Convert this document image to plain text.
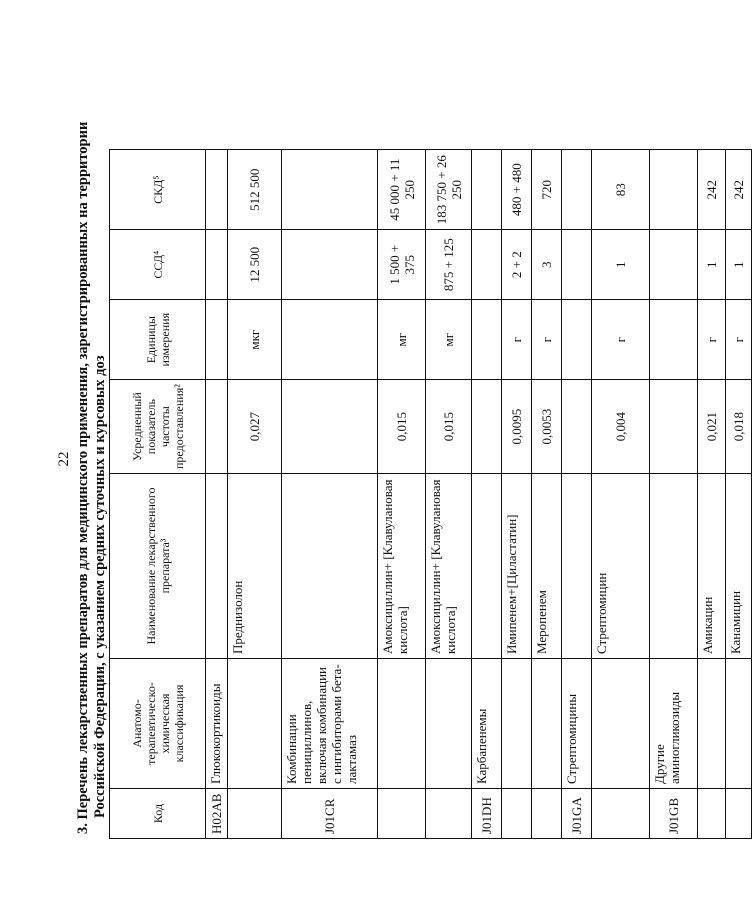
22 3. Перечень лекарственных препаратов для медицинского применения, зарегистрированных на территории Российской Федерации, с указанием средних суточных и курсовых доз	Код	Анатомо-терапевтическо-химическая классификация	Наименование лекарственного препарата³	Усредненный показатель частоты предоставления²	Единицы измерения	ССД⁴	СКД⁵
H02AB	Глюкокортикоиды					
		Преднизолон	0,027	мкг	12 500	512 500
J01CR	Комбинации пенициллинов, включая комбинации с ингибиторами бета-лактамаз					
		Амоксициллин+ [Клавулановая кислота]	0,015	мг	1 500 + 375	45 000 + 11 250
		Амоксициллин+ [Клавулановая кислота]	0,015	мг	875 + 125	183 750 + 26 250
J01DH	Карбапенемы					
		Имипенем+[Циластатин]	0,0095	г	2 + 2	480 + 480
		Меропенем	0,0053	г	3	720
J01GA	Стрептомицины					
		Стрептомицин	0,004	г	1	83
J01GB	Другие аминогликозиды					
		Амикацин	0,021	г	1	242
		Канамицин	0,018	г	1	242
